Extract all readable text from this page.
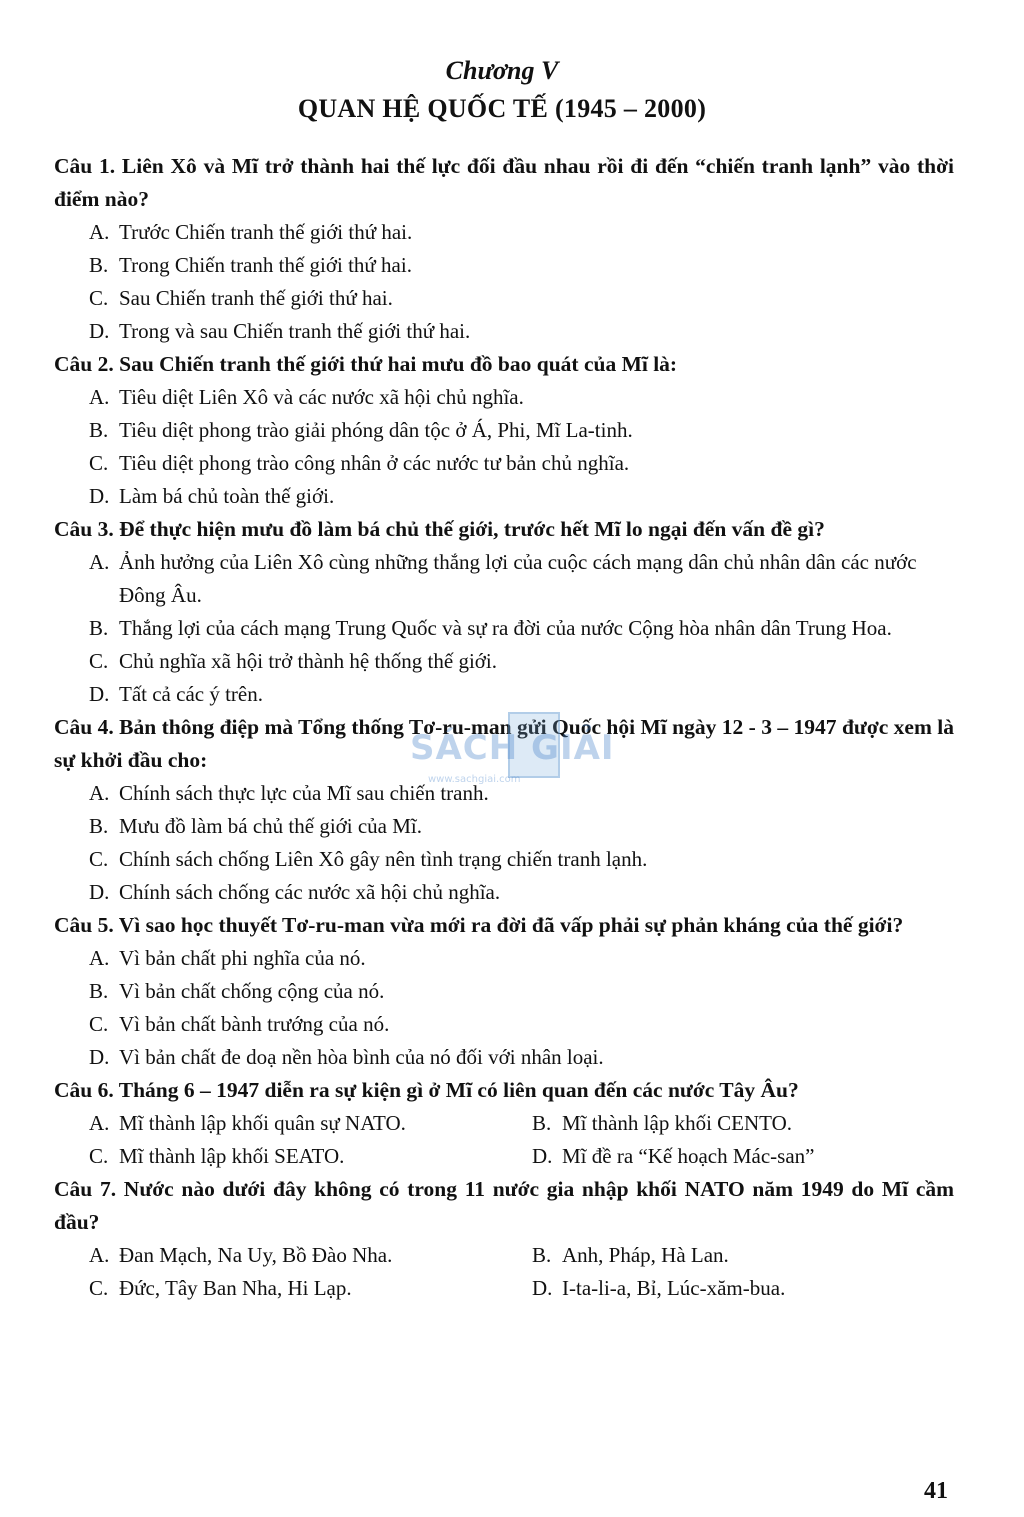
Chương V
QUAN HỆ QUỐC TẾ (1945 – 2000)

Câu 1. Liên Xô và Mĩ trở thành hai thế lực đối đầu nhau rồi đi đến “chiến tranh lạnh” vào thời điểm nào?

A. Trước Chiến tranh thế giới thứ hai.

B. Trong Chiến tranh thế giới thứ hai.

C. Sau Chiến tranh thế giới thứ hai.

D. Trong và sau Chiến tranh thế giới thứ hai.

Câu 2. Sau Chiến tranh thế giới thứ hai mưu đồ bao quát của Mĩ là:

A. Tiêu diệt Liên Xô và các nước xã hội chủ nghĩa.

B. Tiêu diệt phong trào giải phóng dân tộc ở Á, Phi, Mĩ La-tinh.

C. Tiêu diệt phong trào công nhân ở các nước tư bản chủ nghĩa.

D. Làm bá chủ toàn thế giới.

Câu 3. Để thực hiện mưu đồ làm bá chủ thế giới, trước hết Mĩ lo ngại đến vấn đề gì?

A. Ảnh hưởng của Liên Xô cùng những thắng lợi của cuộc cách mạng dân chủ nhân dân các nước Đông Âu.

B. Thắng lợi của cách mạng Trung Quốc và sự ra đời của nước Cộng hòa nhân dân Trung Hoa.

C. Chủ nghĩa xã hội trở thành hệ thống thế giới.

D. Tất cả các ý trên.

Câu 4. Bản thông điệp mà Tổng thống Tơ-ru-man gửi Quốc hội Mĩ ngày 12 - 3 – 1947 được xem là sự khởi đầu cho:

A. Chính sách thực lực của Mĩ sau chiến tranh.

B. Mưu đồ làm bá chủ thế giới của Mĩ.

C. Chính sách chống Liên Xô gây nên tình trạng chiến tranh lạnh.

D. Chính sách chống các nước xã hội chủ nghĩa.

Câu 5. Vì sao học thuyết Tơ-ru-man vừa mới ra đời đã vấp phải sự phản kháng của thế giới?

A. Vì bản chất phi nghĩa của nó.

B. Vì bản chất chống cộng của nó.

C. Vì bản chất bành trướng của nó.

D. Vì bản chất đe doạ nền hòa bình của nó đối với nhân loại.

Câu 6. Tháng 6 – 1947 diễn ra sự kiện gì ở Mĩ có liên quan đến các nước Tây Âu?

A. Mĩ thành lập khối quân sự NATO.	B. Mĩ thành lập khối CENTO.

C. Mĩ thành lập khối SEATO.	D. Mĩ đề ra “Kế hoạch Mác-san”

Câu 7. Nước nào dưới đây không có trong 11 nước gia nhập khối NATO năm 1949 do Mĩ cầm đầu?

A. Đan Mạch, Na Uy, Bồ Đào Nha.	B. Anh, Pháp, Hà Lan.

C. Đức, Tây Ban Nha, Hi Lạp.	D. I-ta-li-a, Bỉ, Lúc-xăm-bua.

SÁCH GIẢI
www.sachgiai.com
41
